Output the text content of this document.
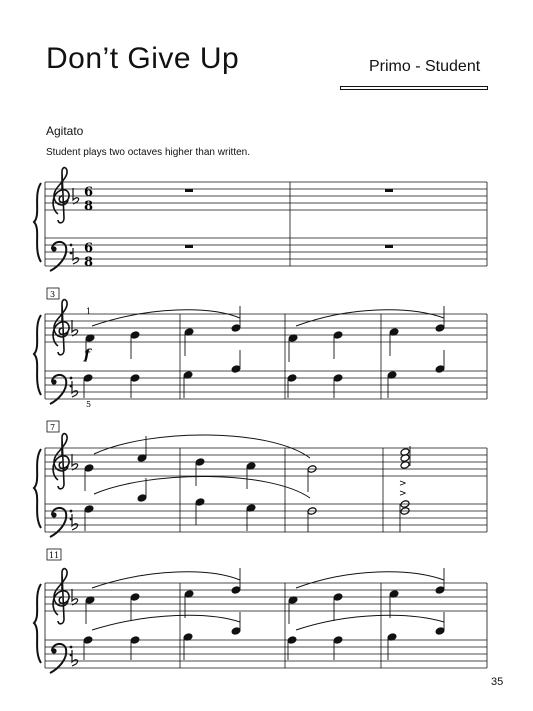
Don’t Give Up	Primo - Student
Agitato
Student plays two octaves higher than written.
6
8
6
8
3
1
5
f
7
>
>
11
35
